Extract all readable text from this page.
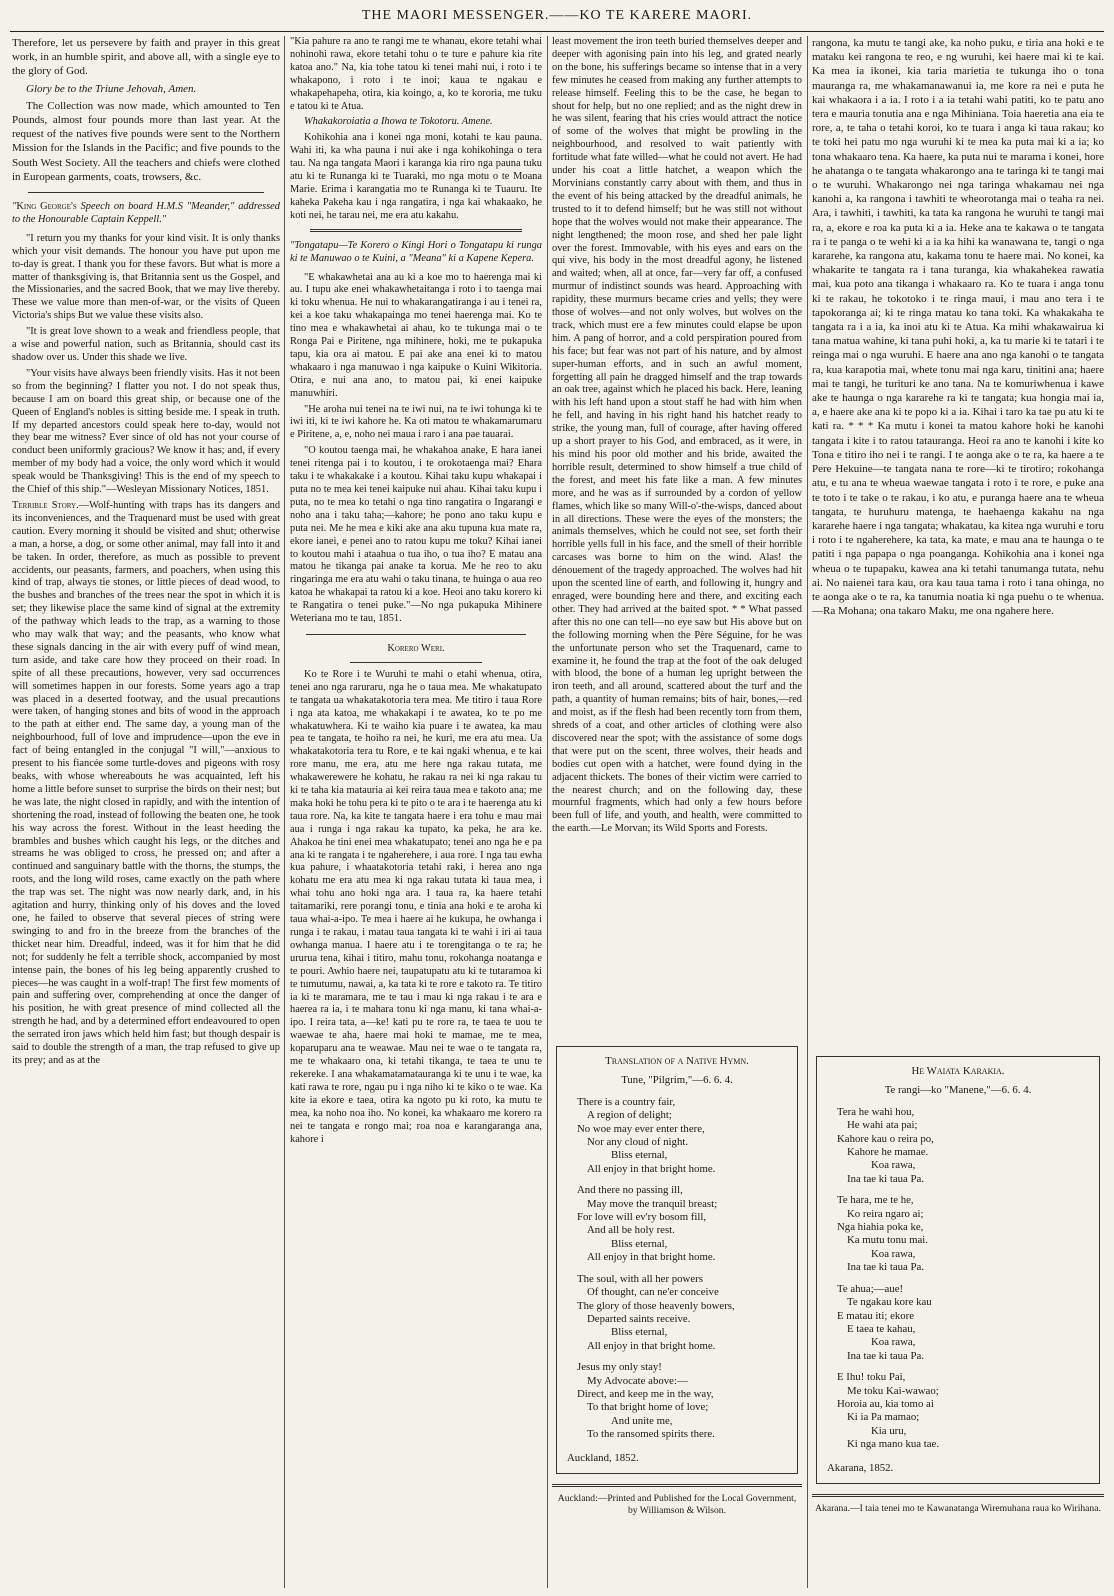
THE MAORI MESSENGER.——KO TE KARERE MAORI.

Therefore, let us persevere by faith and prayer in this great work, in an humble spirit, and above all, with a single eye to the glory of God.

Glory be to the Triune Jehovah, Amen.

The Collection was now made, which amounted to Ten Pounds, almost four pounds more than last year. At the request of the natives five pounds were sent to the Northern Mission for the Islands in the Pacific; and five pounds to the South West Society. All the teachers and chiefs were clothed in European garments, coats, trowsers, &c.

"King George's Speech on board H.M.S "Meander," addressed to the Honourable Captain Keppell."

"I return you my thanks for your kind visit. It is only thanks which your visit demands. The honour you have put upon me to-day is great. I thank you for these favors. But what is more a matter of thanksgiving is, that Britannia sent us the Gospel, and the Missionaries, and the sacred Book, that we may live thereby. These we value more than men-of-war, or the visits of Queen Victoria's ships But we value these visits also.

"It is great love shown to a weak and friendless people, that a wise and powerful nation, such as Britannia, should cast its shadow over us. Under this shade we live.

"Your visits have always been friendly visits. Has it not been so from the beginning? I flatter you not. I do not speak thus, because I am on board this great ship, or because one of the Queen of England's nobles is sitting beside me. I speak in truth. If my departed ancestors could speak here to-day, would not they bear me witness? Ever since of old has not your course of conduct been uniformly gracious? We know it has; and, if every member of my body had a voice, the only word which it would speak would be Thanksgiving! This is the end of my speech to the Chief of this ship."—Wesleyan Missionary Notices, 1851.

Terrible Story.—Wolf-hunting with traps has its dangers and its inconveniences, and the Traquenard must be used with great caution. Every morning it should be visited and shut; otherwise a man, a horse, a dog, or some other animal, may fall into it and be taken. In order, therefore, as much as possible to prevent accidents, our peasants, farmers, and poachers, when using this kind of trap, always tie stones, or little pieces of dead wood, to the bushes and branches of the trees near the spot in which it is set; they likewise place the same kind of signal at the extremity of the pathway which leads to the trap, as a warning to those who may walk that way; and the peasants, who know what these signals dancing in the air with every puff of wind mean, turn aside, and take care how they proceed on their road. In spite of all these precautions, however, very sad occurrences will sometimes happen in our forests. Some years ago a trap was placed in a deserted footway, and the usual precautions were taken, of hanging stones and bits of wood in the approach to the path at either end. The same day, a young man of the neighbourhood, full of love and imprudence—upon the eve in fact of being entangled in the conjugal "I will,"—anxious to present to his fiancée some turtle-doves and pigeons with rosy beaks, with whose whereabouts he was acquainted, left his home a little before sunset to surprise the birds on their nest; but he was late, the night closed in rapidly, and with the intention of shortening the road, instead of following the beaten one, he took his way across the forest. Without in the least heeding the brambles and bushes which caught his legs, or the ditches and streams he was obliged to cross, he pressed on; and after a continued and sanguinary battle with the thorns, the stumps, the roots, and the long wild roses, came exactly on the path where the trap was set. The night was now nearly dark, and, in his agitation and hurry, thinking only of his doves and the loved one, he failed to observe that several pieces of string were swinging to and fro in the breeze from the branches of the thicket near him. Dreadful, indeed, was it for him that he did not; for suddenly he felt a terrible shock, accompanied by most intense pain, the bones of his leg being apparently crushed to pieces—he was caught in a wolf-trap! The first few moments of pain and suffering over, comprehending at once the danger of his position, he with great presence of mind collected all the strength he had, and by a determined effort endeavoured to open the serrated iron jaws which held him fast; but though despair is said to double the strength of a man, the trap refused to give up its prey; and as at the

"Kia pahure ra ano te rangi me te whanau, ekore tetahi whai nohinohi rawa, ekore tetahi tohu o te ture e pahure kia rite katoa ano." Na, kia tohe tatou ki tenei mahi nui, i roto i te whakapono, i roto i te inoi; kaua te ngakau e whakapehapeha, otira, kia koingo, a, ko te kororia, me tuku e tatou ki te Atua.

Whakakoroiatia a Ihowa te Tokotoru. Amene.

Kohikohia ana i konei nga moni, kotahi te kau pauna. Wahi iti, ka wha pauna i nui ake i nga kohikohinga o tera tau. Na nga tangata Maori i karanga kia riro nga pauna tuku atu ki te Runanga ki te Tuaraki, mo nga motu o te Moana Marie. Erima i karangatia mo te Runanga ki te Tuauru. Ite kaheka Pakeha kau i nga rangatira, i nga kai whakaako, he koti nei, he tarau nei, me era atu kakahu.

"Tongatapu—Te Korero o Kingi Hori o Tongatapu ki runga ki te Manuwao o te Kuini, a "Meana" ki a Kapene Kepera.

"E whakawhetai ana au ki a koe mo to haerenga mai ki au. I tupu ake enei whakawhetaitanga i roto i to taenga mai ki toku whenua. He nui to whakarangatiranga i au i tenei ra, kei a koe taku whakapainga mo tenei haerenga mai. Ko te tino mea e whakawhetai ai ahau, ko te tukunga mai o te Ronga Pai e Piritene, nga mihinere, hoki, me te pukapuka tapu, kia ora ai matou. E pai ake ana enei ki to matou whakaaro i nga manuwao i nga kaipuke o Kuini Wikitoria. Otira, e nui ana ano, to matou pai, ki enei kaipuke manuwhiri.

"He aroha nui tenei na te iwi nui, na te iwi tohunga ki te iwi iti, ki te iwi kahore he. Ka oti matou te whakamarumaru e Piritene, a, e, noho nei maua i raro i ana pae tauarai.

"O koutou taenga mai, he whakahoa anake, E hara ianei tenei ritenga pai i to koutou, i te orokotaenga mai? Ehara taku i te whakakake i a koutou. Kihai taku kupu whakapai i puta no te mea kei tenei kaipuke nui ahau. Kihai taku kupu i puta, no te mea ko tetahi o nga tino rangatira o Ingarangi e noho ana i taku taha;—kahore; he pono ano taku kupu e puta nei. Me he mea e kiki ake ana aku tupuna kua mate ra, ekore ianei, e penei ano to ratou kupu me toku? Kihai ianei to koutou mahi i ataahua o tua iho, o tua iho? E matau ana matou he tikanga pai anake ta korua. Me he reo to aku ringaringa me era atu wahi o taku tinana, te huinga o aua reo katoa he whakapai ta ratou ki a koe. Heoi ano taku korero ki te Rangatira o tenei puke."—No nga pukapuka Mihinere Weteriana mo te tau, 1851.

Korero Weri.

Ko te Rore i te Wuruhi te mahi o etahi whenua, otira, tenei ano nga raruraru, nga he o taua mea. Me whakatupato te tangata ua whakatakotoria tera mea. Me titiro i taua Rore i nga ata katoa, me whakakapi i te awatea, ko te po me whakatuwhera. Ki te waiho kia puare i te awatea, ka mau pea te tangata, te hoiho ra nei, he kuri, me era atu mea. Ua whakatakotoria tera tu Rore, e te kai ngaki whenua, e te kai rore manu, me era, atu me here nga rakau tutata, me whakawerewere he kohatu, he rakau ra nei ki nga rakau tu ki te taha kia matauria ai kei reira taua mea e takoto ana; me maka hoki he tohu pera ki te pito o te ara i te haerenga atu ki taua rore. Na, ka kite te tangata haere i era tohu e mau mai aua i runga i nga rakau ka tupato, ka peka, he ara ke. Ahakoa he tini enei mea whakatupato; tenei ano nga he e pa ana ki te rangata i te ngaherehere, i aua rore. I nga tau ewha kua pahure, i whaatakotoria tetahi raki, i herea ano nga kohatu me era atu mea ki nga rakau tutata ki taua mea, i whai tohu ano hoki nga ara. I taua ra, ka haere tetahi taitamariki, rere porangi tonu, e tinia ana hoki e te aroha ki taua whai-a-ipo. Te mea i haere ai he kukupa, he owhanga i runga i te rakau, i matau taua tangata ki te wahi i iri ai taua owhanga manua. I haere atu i te torengitanga o te ra; he ururua tena, kihai i titiro, mahu tonu, rokohanga noatanga e te pouri. Awhio haere nei, taupatupatu atu ki te tutaramoa ki te tumutumu, nawai, a, ka tata ki te rore e takoto ra. Te titiro ia ki te maramara, me te tau i mau ki nga rakau i te ara e haerea ra ia, i te mahara tonu ki nga manu, ki tana whai-a-ipo. I reira tata, a—ke! kati pu te rore ra, te taea te uou te waewae te aha, haere mai hoki te mamae, me te mea, koparuparu ana te weawae. Mau nei te wae o te tangata ra, me te whakaaro ona, ki tetahi tikanga, te taea te unu te rekereke. I ana whakamatamatauranga ki te unu i te wae, ka kati rawa te rore, ngau pu i nga niho ki te kiko o te wae. Ka kite ia ekore e taea, otira ka ngoto pu ki roto, ka mutu te mea, ka noho noa iho. No konei, ka whakaaro me korero ra nei te tangata e rongo mai; roa noa e karangaranga ana, kahore i

least movement the iron teeth buried themselves deeper and deeper with agonising pain into his leg, and grated nearly on the bone, his sufferings became so intense that in a very few minutes he ceased from making any further attempts to release himself. Feeling this to be the case, he began to shout for help, but no one replied; and as the night drew in he was silent, fearing that his cries would attract the notice of some of the wolves that might be prowling in the neighbourhood, and resolved to wait patiently with fortitude what fate willed—what he could not avert. He had under his coat a little hatchet, a weapon which the Morvinians constantly carry about with them, and thus in the event of his being attacked by the dreadful animals, he trusted to it to defend himself; but he was still not without hope that the wolves would not make their appearance. The night lengthened; the moon rose, and shed her pale light over the forest. Immovable, with his eyes and ears on the qui vive, his body in the most dreadful agony, he listened and waited; when, all at once, far—very far off, a confused murmur of indistinct sounds was heard. Approaching with rapidity, these murmurs became cries and yells; they were those of wolves—and not only wolves, but wolves on the track, which must ere a few minutes could elapse be upon him. A pang of horror, and a cold perspiration poured from his face; but fear was not part of his nature, and by almost super-human efforts, and in such an awful moment, forgetting all pain he dragged himself and the trap towards an oak tree, against which he placed his back. Here, leaning with his left hand upon a stout staff he had with him when he fell, and having in his right hand his hatchet ready to strike, the young man, full of courage, after having offered up a short prayer to his God, and embraced, as it were, in his mind his poor old mother and his bride, awaited the horrible result, determined to show himself a true child of the forest, and meet his fate like a man. A few minutes more, and he was as if surrounded by a cordon of yellow flames, which like so many Will-o'-the-wisps, danced about in all directions. These were the eyes of the monsters; the animals themselves, which he could not see, set forth their horrible yells full in his face, and the smell of their horrible carcases was borne to him on the wind. Alas! the dénouement of the tragedy approached. The wolves had hit upon the scented line of earth, and following it, hungry and enraged, were bounding here and there, and exciting each other. They had arrived at the baited spot. * * What passed after this no one can tell—no eye saw but His above but on the following morning when the Père Séguine, for he was the unfortunate person who set the Traquenard, came to examine it, he found the trap at the foot of the oak deluged with blood, the bone of a human leg upright between the iron teeth, and all around, scattered about the turf and the path, a quantity of human remains; bits of hair, bones,—red and moist, as if the flesh had been recently torn from them, shreds of a coat, and other articles of clothing were also discovered near the spot; with the assistance of some dogs that were put on the scent, three wolves, their heads and bodies cut open with a hatchet, were found dying in the adjacent thickets. The bones of their victim were carried to the nearest church; and on the following day, these mournful fragments, which had only a few hours before been full of life, and youth, and health, were committed to the earth.—Le Morvan; its Wild Sports and Forests.

Translation of a Native Hymn.
Tune, "Pilgrim,"—6. 6. 4.
There is a country fair,
A region of delight;
No woe may ever enter there,
Nor any cloud of night.
Bliss eternal,
All enjoy in that bright home.
And there no passing ill,
May move the tranquil breast;
For love will ev'ry bosom fill,
And all be holy rest.
Bliss eternal,
All enjoy in that bright home.
The soul, with all her powers
Of thought, can ne'er conceive
The glory of those heavenly bowers,
Departed saints receive.
Bliss eternal,
All enjoy in that bright home.
Jesus my only stay!
My Advocate above:—
Direct, and keep me in the way,
To that bright home of love;
And unite me,
To the ransomed spirits there.
Auckland, 1852.
Auckland:—Printed and Published for the Local Government, by Williamson & Wilson.

rangona, ka mutu te tangi ake, ka noho puku, e tiria ana hoki e te mataku kei rangona te reo, e ng wuruhi, kei haere mai ki te kai. Ka mea ia ikonei, kia taria marietia te tukunga iho o tona mauranga ra, me whakamanawanui ia, me kore ra nei e puta he kai whakaora i a ia. I roto i a ia tetahi wahi patiti, ko te patu ano tera e mauria tonutia ana e nga Mihiniana. Toia haeretia ana eia te rore, a, te taha o tetahi koroi, ko te tuara i anga ki taua rakau; ko te toki hei patu mo nga wuruhi ki te mea ka puta mai ki a ia; ko tona whakaaro tena. Ka haere, ka puta nui te marama i konei, hore he ahatanga o te tangata whakarongo ana te taringa ki te tangi mai o te wuruhi. Whakarongo nei nga taringa whakamau nei nga kanohi a, ka rangona i tawhiti te wheorotanga mai o teaha ra nei. Ara, i tawhiti, i tawhiti, ka tata ka rangona he wuruhi te tangi mai ra, a, ekore e roa ka puta ki a ia. Heke ana te kakawa o te tangata ra i te panga o te wehi ki a ia ka hihi ka wanawana te, tangi o nga kararehe, ka rangona atu, kakama tonu te haere mai. No konei, ka whakarite te tangata ra i tana turanga, kia whakahekea rawatia mai, kua poto ana tikanga i whakaaro ra. Ko te tuara i anga tonu ki te rakau, he tokotoko i te ringa maui, i mau ano tera i te tapokoranga ai; ki te ringa matau ko tana toki. Ka whakakaha te tangata ra i a ia, ka inoi atu ki te Atua. Ka mihi whakawairua ki tana matua wahine, ki tana puhi hoki, a, ka tu marie ki te tatari i te reinga mai o nga wuruhi. E haere ana ano nga kanohi o te tangata ra, kua karapotia mai, whete tonu mai nga karu, tinitini ana; haere mai te tangi, he turituri ke ano tana. Na te komuriwhenua i kawe ake te haunga o nga kararehe ra ki te tangata; kua hongia mai ia, a, e haere ake ana ki te popo ki a ia. Kihai i taro ka tae pu atu ki te kati ra. * * * Ka mutu i konei ta matou kahore hoki he kanohi tangata i kite i to ratou tatauranga. Heoi ra ano te kanohi i kite ko Tona e titiro iho nei i te rangi. I te aonga ake o te ra, ka haere a te Pere Hekuine—te tangata nana te rore—ki te tirotiro; rokohanga atu, e tu ana te wheua waewae tangata i roto i te rore, e puke ana te toto i te take o te rakau, i ko atu, e puranga haere ana te wheua tangata, te huruhuru matenga, te haehaenga kakahu na nga kararehe haere i nga tangata; whakatau, ka kitea nga wuruhi e toru i roto i te ngaherehere, ka tata, ka mate, e mau ana te haunga o te patiti i nga papapa o nga poanganga. Kohikohia ana i konei nga wheua o te tupapaku, kawea ana ki tetahi tanumanga tutata, nehu ai. No naienei tara kau, ora kau taua tama i roto i tana ohinga, no te aonga ake o te ra, ka tanumia noatia ki nga puehu o te whenua.—Ra Mohana; ona takaro Maku, me ona ngahere here.

He Waiata Karakia.
Te rangi—ko "Manene,"—6. 6. 4.
Tera he wahi hou,
He wahi ata pai;
Kahore kau o reira po,
Kahore he mamae.
Koa rawa,
Ina tae ki taua Pa.
Te hara, me te he,
Ko reira ngaro ai;
Nga hiahia poka ke,
Ka mutu tonu mai.
Koa rawa,
Ina tae ki taua Pa.
Te ahua;—aue!
Te ngakau kore kau
E matau iti; ekore
E taea te kahau,
Koa rawa,
Ina tae ki taua Pa.
E Ihu! toku Pai,
Me toku Kai-wawao;
Horoia au, kia tomo ai
Ki ia Pa mamao;
Kia uru,
Ki nga mano kua tae.
Akarana, 1852.
Akarana.—I taia tenei mo te Kawanatanga Wiremuhana raua ko Wirihana.
